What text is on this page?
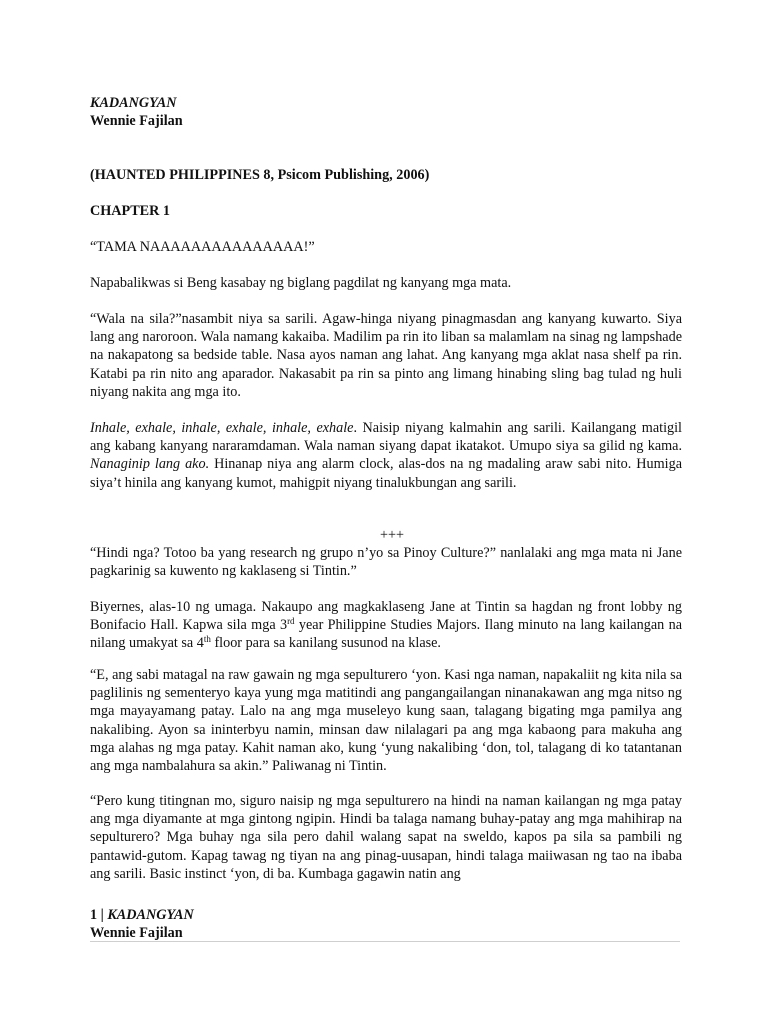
KADANGYAN

Wennie Fajilan

(HAUNTED PHILIPPINES 8, Psicom Publishing, 2006)

CHAPTER 1

“TAMA NAAAAAAAAAAAAAAA!”

Napabalikwas si Beng kasabay ng biglang pagdilat ng kanyang mga mata.

“Wala na sila?”nasambit niya sa sarili. Agaw-hinga niyang pinagmasdan ang kanyang kuwarto. Siya lang ang naroroon. Wala namang kakaiba. Madilim pa rin ito liban sa malamlam na sinag ng lampshade na nakapatong sa bedside table. Nasa ayos naman ang lahat. Ang kanyang mga aklat nasa shelf pa rin. Katabi pa rin nito ang aparador. Nakasabit pa rin sa pinto ang limang hinabing sling bag tulad ng huli niyang nakita ang mga ito.

Inhale, exhale, inhale, exhale, inhale, exhale. Naisip niyang kalmahin ang sarili. Kailangang matigil ang kabang kanyang nararamdaman. Wala naman siyang dapat ikatakot. Umupo siya sa gilid ng kama. Nanaginip lang ako. Hinanap niya ang alarm clock, alas-dos na ng madaling araw sabi nito. Humiga siya’t hinila ang kanyang kumot, mahigpit niyang tinalukbungan ang sarili.

+++

“Hindi nga? Totoo ba yang research ng grupo n’yo sa Pinoy Culture?” nanlalaki ang mga mata ni Jane pagkarinig sa kuwento ng kaklaseng si Tintin.”

Biyernes, alas-10 ng umaga. Nakaupo ang magkaklaseng Jane at Tintin sa hagdan ng front lobby ng Bonifacio Hall. Kapwa sila mga 3rd year Philippine Studies Majors. Ilang minuto na lang kailangan na nilang umakyat sa 4th floor para sa kanilang susunod na klase.

“E, ang sabi matagal na raw gawain ng mga sepulturero ‘yon. Kasi nga naman, napakaliit ng kita nila sa paglilinis ng sementeryo kaya yung mga matitindi ang pangangailangan ninanakawan ang mga nitso ng mga mayayamang patay. Lalo na ang mga museleyo kung saan, talagang bigating mga pamilya ang nakalibing. Ayon sa ininterbyu namin, minsan daw nilalagari pa ang mga kabaong para makuha ang mga alahas ng mga patay. Kahit naman ako, kung ‘yung nakalibing ‘don, tol, talagang di ko tatantanan ang mga nambalahura sa akin.” Paliwanag ni Tintin.

“Pero kung titingnan mo, siguro naisip ng mga sepulturero na hindi na naman kailangan ng mga patay ang mga diyamante at mga gintong ngipin. Hindi ba talaga namang buhay-patay ang mga mahihirap na sepulturero? Mga buhay nga sila pero dahil walang sapat na sweldo, kapos pa sila sa pambili ng pantawid-gutom. Kapag tawag ng tiyan na ang pinag-uusapan, hindi talaga maiiwasan ng tao na ibaba ang sarili. Basic instinct ‘yon, di ba. Kumbaga gagawin natin ang

1 | KADANGYAN
Wennie Fajilan
